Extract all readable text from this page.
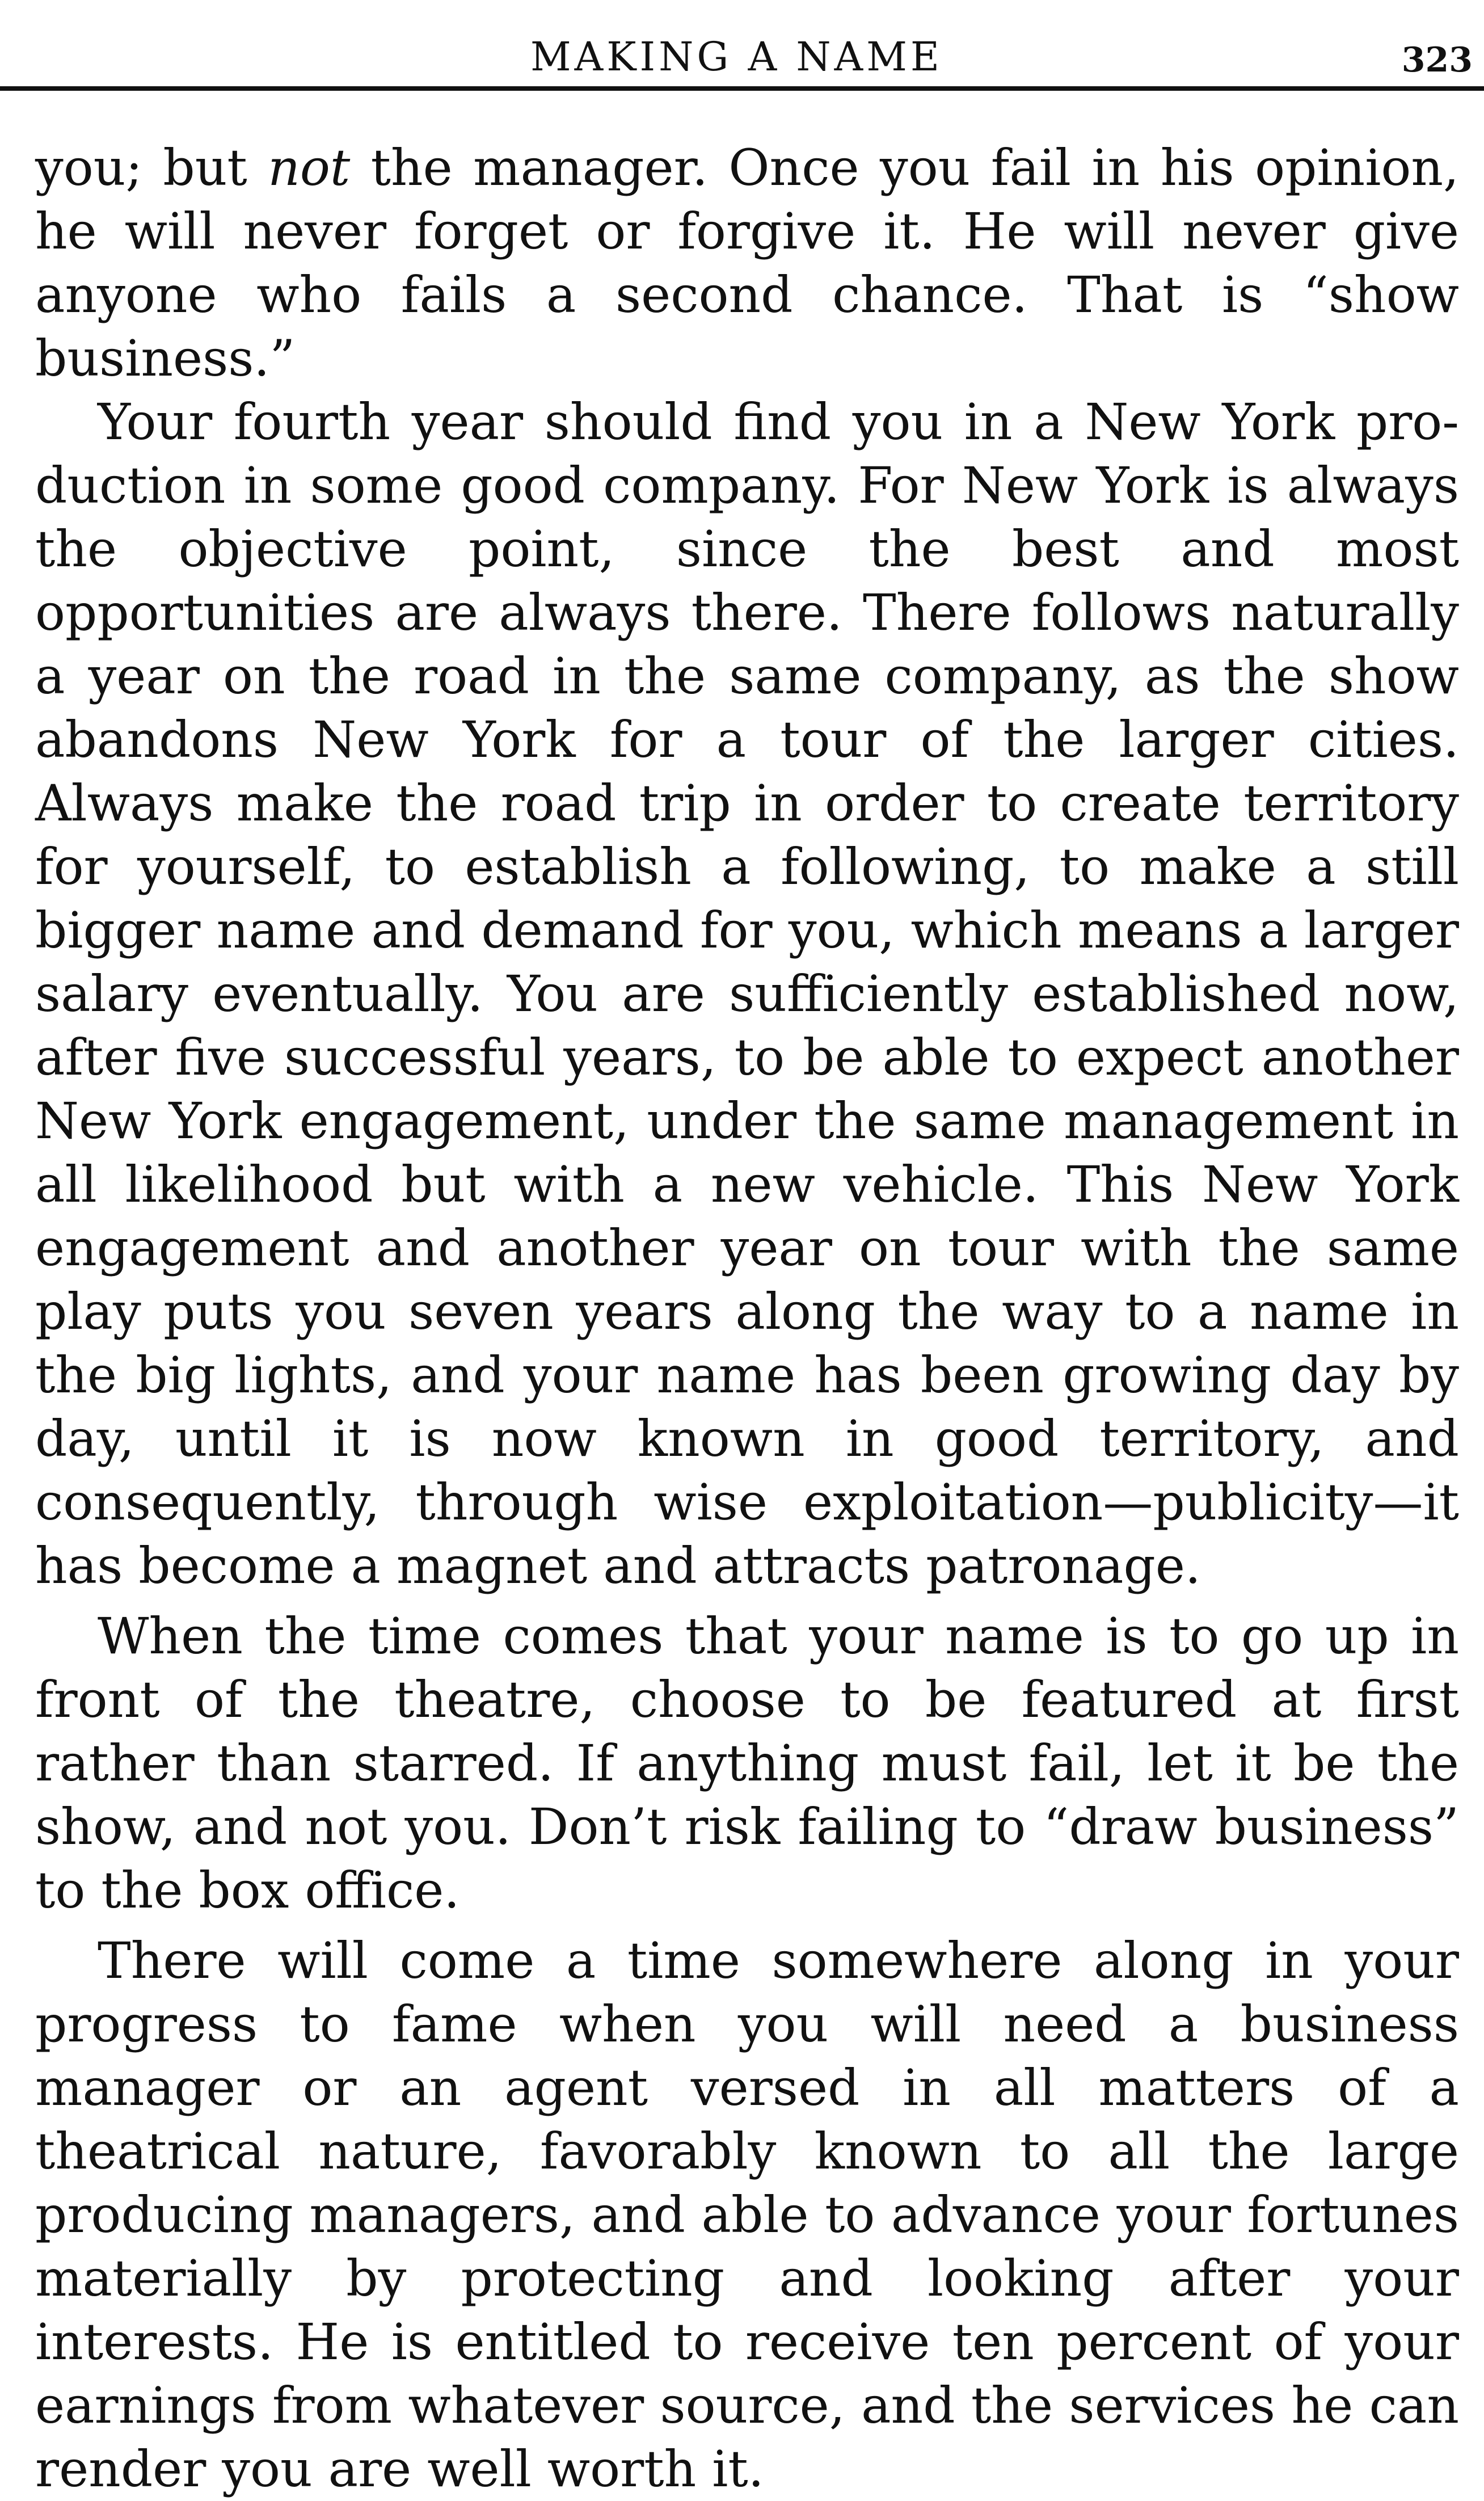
MAKING A NAME	323

you; but not the manager. Once you fail in his opinion, he will never forget or forgive it. He will never give anyone who fails a second chance. That is “show business.”

Your fourth year should find you in a New York production in some good company. For New York is always the objective point, since the best and most opportunities are always there. There follows naturally a year on the road in the same company, as the show abandons New York for a tour of the larger cities. Always make the road trip in order to create territory for yourself, to establish a following, to make a still bigger name and demand for you, which means a larger salary eventually. You are sufficiently established now, after five successful years, to be able to expect another New York engagement, under the same management in all likelihood but with a new vehicle. This New York engagement and another year on tour with the same play puts you seven years along the way to a name in the big lights, and your name has been growing day by day, until it is now known in good territory, and consequently, through wise exploitation—publicity—it has become a magnet and attracts patronage.

When the time comes that your name is to go up in front of the theatre, choose to be featured at first rather than starred. If anything must fail, let it be the show, and not you. Don’t risk failing to “draw business” to the box office.

There will come a time somewhere along in your progress to fame when you will need a business manager or an agent versed in all matters of a theatrical nature, favorably known to all the large producing managers, and able to advance your fortunes materially by protecting and looking after your interests. He is entitled to receive ten percent of your earnings from whatever source, and the services he can render you are well worth it.
